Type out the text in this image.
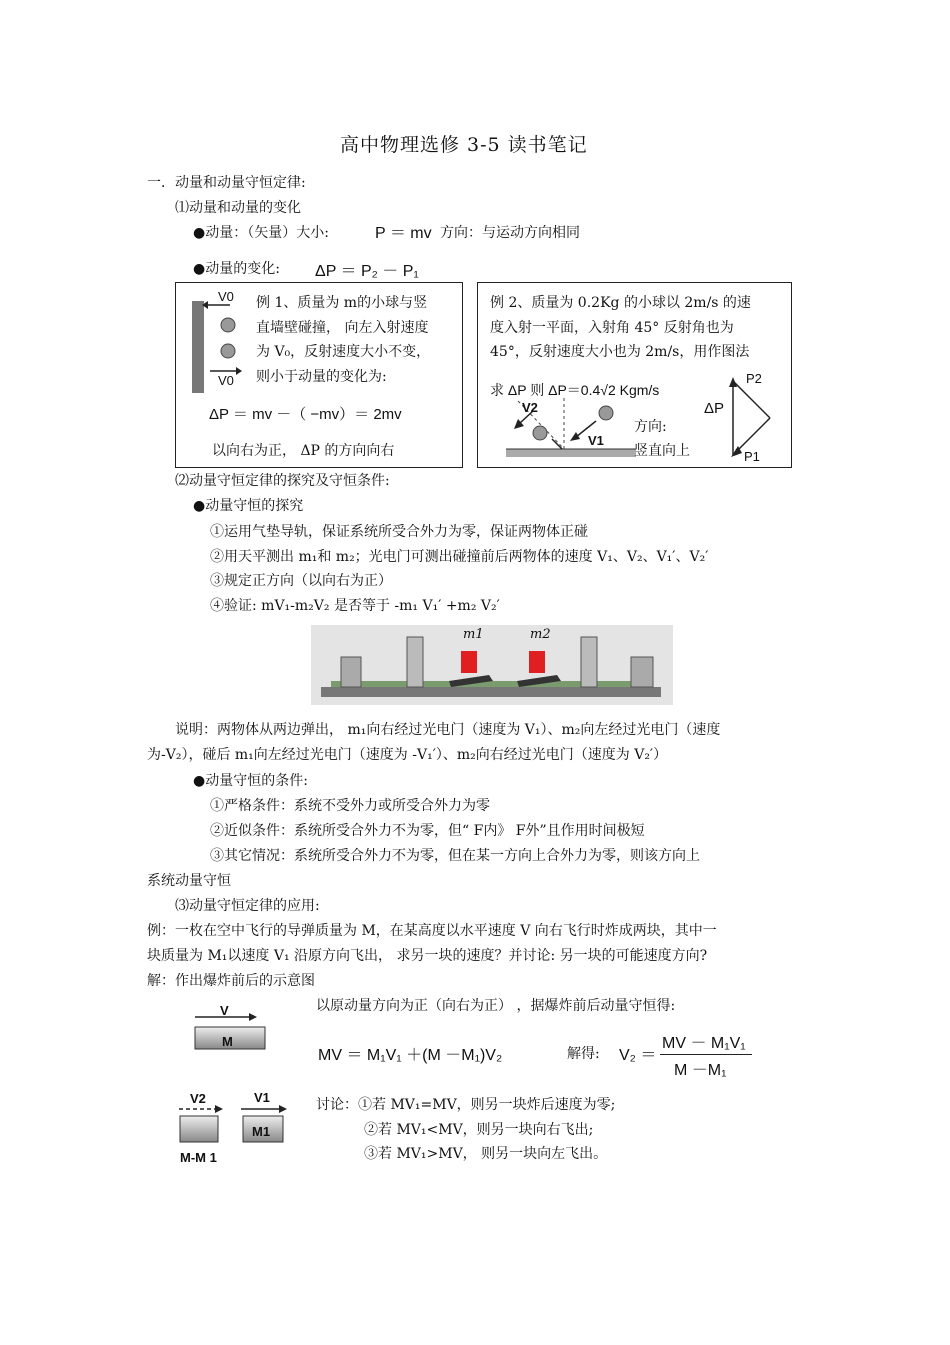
高中物理选修 3-5 读书笔记
一．动量和动量守恒定律:
⑴动量和动量的变化
●动量：（矢量）大小:	P ＝ mv 方向：与运动方向相同
●动量的变化: ΔP ＝ P₂ － P₁
V0
V0
例 1、质量为 m的小球与竖
直墙壁碰撞， 向左入射速度
为 V₀，反射速度大小不变，
则小于动量的变化为:
ΔP ＝ mv －（ −mv）＝ 2mv
以向右为正， ΔP 的方向向右
例 2、质量为 0.2Kg 的小球以 2m/s 的速
度入射一平面，入射角 45° 反射角也为
45°，反射速度大小也为 2m/s，用作图法
求 ΔP 则 ΔP＝0.4√2 Kgm/s
V2
V1
方向:
竖直向上
ΔP
P2
P1
⑵动量守恒定律的探究及守恒条件:
●动量守恒的探究
①运用气垫导轨，保证系统所受合外力为零，保证两物体正碰
②用天平测出 m₁和 m₂；光电门可测出碰撞前后两物体的速度 V₁、V₂、V₁′、V₂′
③规定正方向（以向右为正）
④验证: mV₁-m₂V₂ 是否等于 -m₁ V₁′ +m₂ V₂′
m1	m2
说明：两物体从两边弹出， m₁向右经过光电门（速度为 V₁）、m₂向左经过光电门（速度
为-V₂），碰后 m₁向左经过光电门（速度为 -V₁′）、m₂向右经过光电门（速度为 V₂′）
●动量守恒的条件:
①严格条件：系统不受外力或所受合外力为零
②近似条件：系统所受合外力不为零，但“ F内》 F外”且作用时间极短
③其它情况：系统所受合外力不为零，但在某一方向上合外力为零，则该方向上
系统动量守恒
⑶动量守恒定律的应用:
例：一枚在空中飞行的导弹质量为 M，在某高度以水平速度 V 向右飞行时炸成两块，其中一
块质量为 M₁以速度 V₁ 沿原方向飞出， 求另一块的速度？并讨论: 另一块的可能速度方向?
解：作出爆炸前后的示意图
V
M
以原动量方向为正（向右为正） ，据爆炸前后动量守恒得:
MV ＝ M₁V₁ ＋(M －M₁)V₂	解得: V₂ ＝
MV － M₁V₁
M －M₁
V2	V1
M1
M-M 1
讨论：①若 MV₁=MV，则另一块炸后速度为零;
②若 MV₁<MV，则另一块向右飞出;
③若 MV₁>MV， 则另一块向左飞出。
